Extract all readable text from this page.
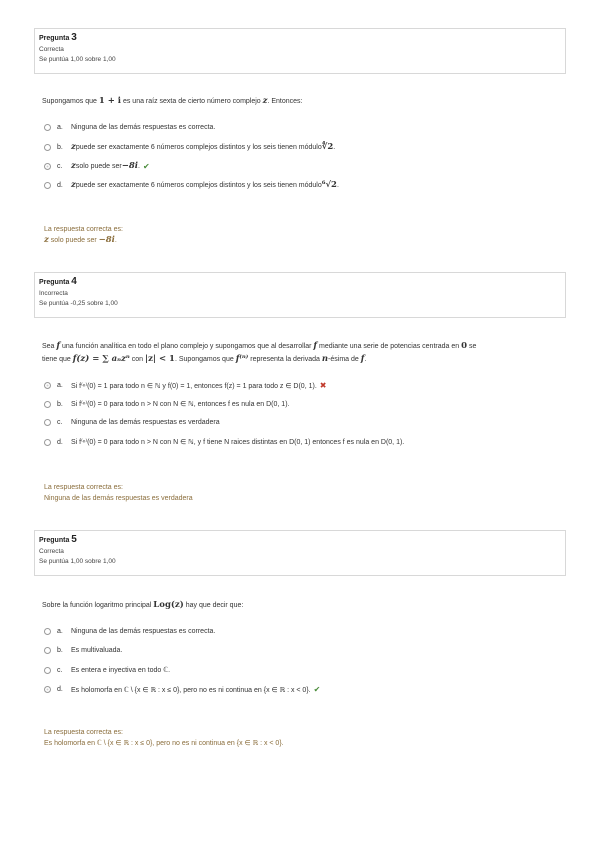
Pregunta 3
Correcta
Se puntúa 1,00 sobre 1,00
Supongamos que 1 + i es una raíz sexta de cierto número complejo z. Entonces:
a.	Ninguna de las demás respuestas es correcta.
b. z puede ser exactamente 6 números complejos distintos y los seis tienen módulo ∜2 .
c.	z solo puede ser −8i . ✔
d. z puede ser exactamente 6 números complejos distintos y los seis tienen módulo ⁶√2 .
La respuesta correcta es:
z solo puede ser −8i.
Pregunta 4
Incorrecta
Se puntúa -0,25 sobre 1,00
Sea f una función analítica en todo el plano complejo y supongamos que al desarrollar f mediante una serie de potencias centrada en 0 se
tiene que f(z) = ∑ aₙzⁿ con |z| < 1. Supongamos que f⁽ⁿ⁾ representa la derivada n-ésima de f.
a.	Si f⁽ⁿ⁾(0) = 1 para todo n ∈ ℕ y f(0) = 1, entonces f(z) = 1 para todo z ∈ D(0, 1). ✖
b.	Si f⁽ⁿ⁾(0) = 0 para todo n > N con N ∈ ℕ, entonces f es nula en D(0, 1).
c.	Ninguna de las demás respuestas es verdadera
d.	Si f⁽ⁿ⁾(0) = 0 para todo n > N con N ∈ ℕ, y f tiene N raices distintas en D(0, 1) entonces f es nula en D(0, 1).
La respuesta correcta es:
Ninguna de las demás respuestas es verdadera
Pregunta 5
Correcta
Se puntúa 1,00 sobre 1,00
Sobre la función logaritmo principal Log(z) hay que decir que:
a.	Ninguna de las demás respuestas es correcta.
b.	Es multivaluada.
c.	Es entera e inyectiva en todo ℂ.
d.	Es holomorfa en ℂ \ {x ∈ ℝ : x ≤ 0}, pero no es ni continua en {x ∈ ℝ : x < 0}. ✔
La respuesta correcta es:
Es holomorfa en ℂ \ {x ∈ ℝ : x ≤ 0}, pero no es ni continua en {x ∈ ℝ : x < 0}.
